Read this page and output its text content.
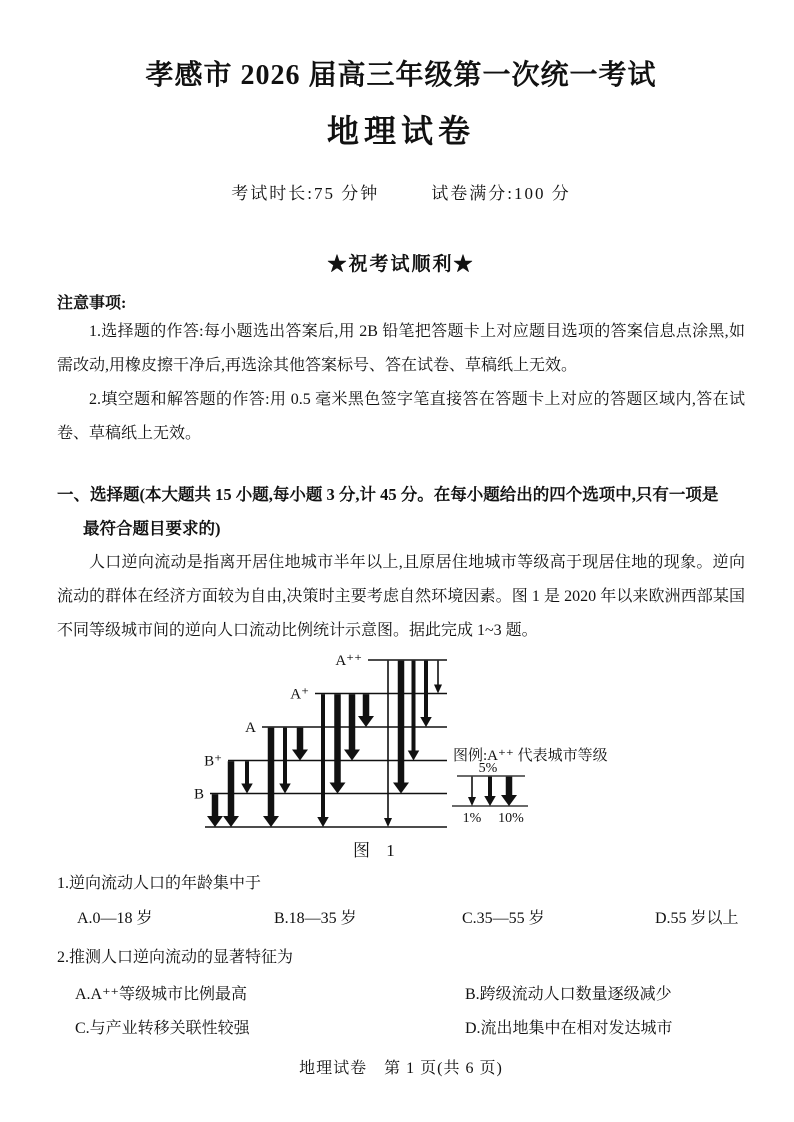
孝感市 2026 届高三年级第一次统一考试
地理试卷
考试时长:75 分钟	试卷满分:100 分
★祝考试顺利★
注意事项:

1.选择题的作答:每小题选出答案后,用 2B 铅笔把答题卡上对应题目选项的答案信息点涂黑,如需改动,用橡皮擦干净后,再选涂其他答案标号、答在试卷、草稿纸上无效。

2.填空题和解答题的作答:用 0.5 毫米黑色签字笔直接答在答题卡上对应的答题区域内,答在试卷、草稿纸上无效。

一、选择题(本大题共 15 小题,每小题 3 分,计 45 分。在每小题给出的四个选项中,只有一项是
最符合题目要求的)

人口逆向流动是指离开居住地城市半年以上,且原居住地城市等级高于现居住地的现象。逆向流动的群体在经济方面较为自由,决策时主要考虑自然环境因素。图 1 是 2020 年以来欧洲西部某国不同等级城市间的逆向人口流动比例统计示意图。据此完成 1~3 题。

A⁺⁺
A⁺
A
B⁺
B
图例:A⁺⁺ 代表城市等级
5%
1% 10%
图 1
1.逆向流动人口的年龄集中于
A.0—18 岁	B.18—35 岁	C.35—55 岁	D.55 岁以上
2.推测人口逆向流动的显著特征为
A.A⁺⁺等级城市比例最高	B.跨级流动人口数量逐级减少
C.与产业转移关联性较强	D.流出地集中在相对发达城市
地理试卷　第 1 页(共 6 页)
